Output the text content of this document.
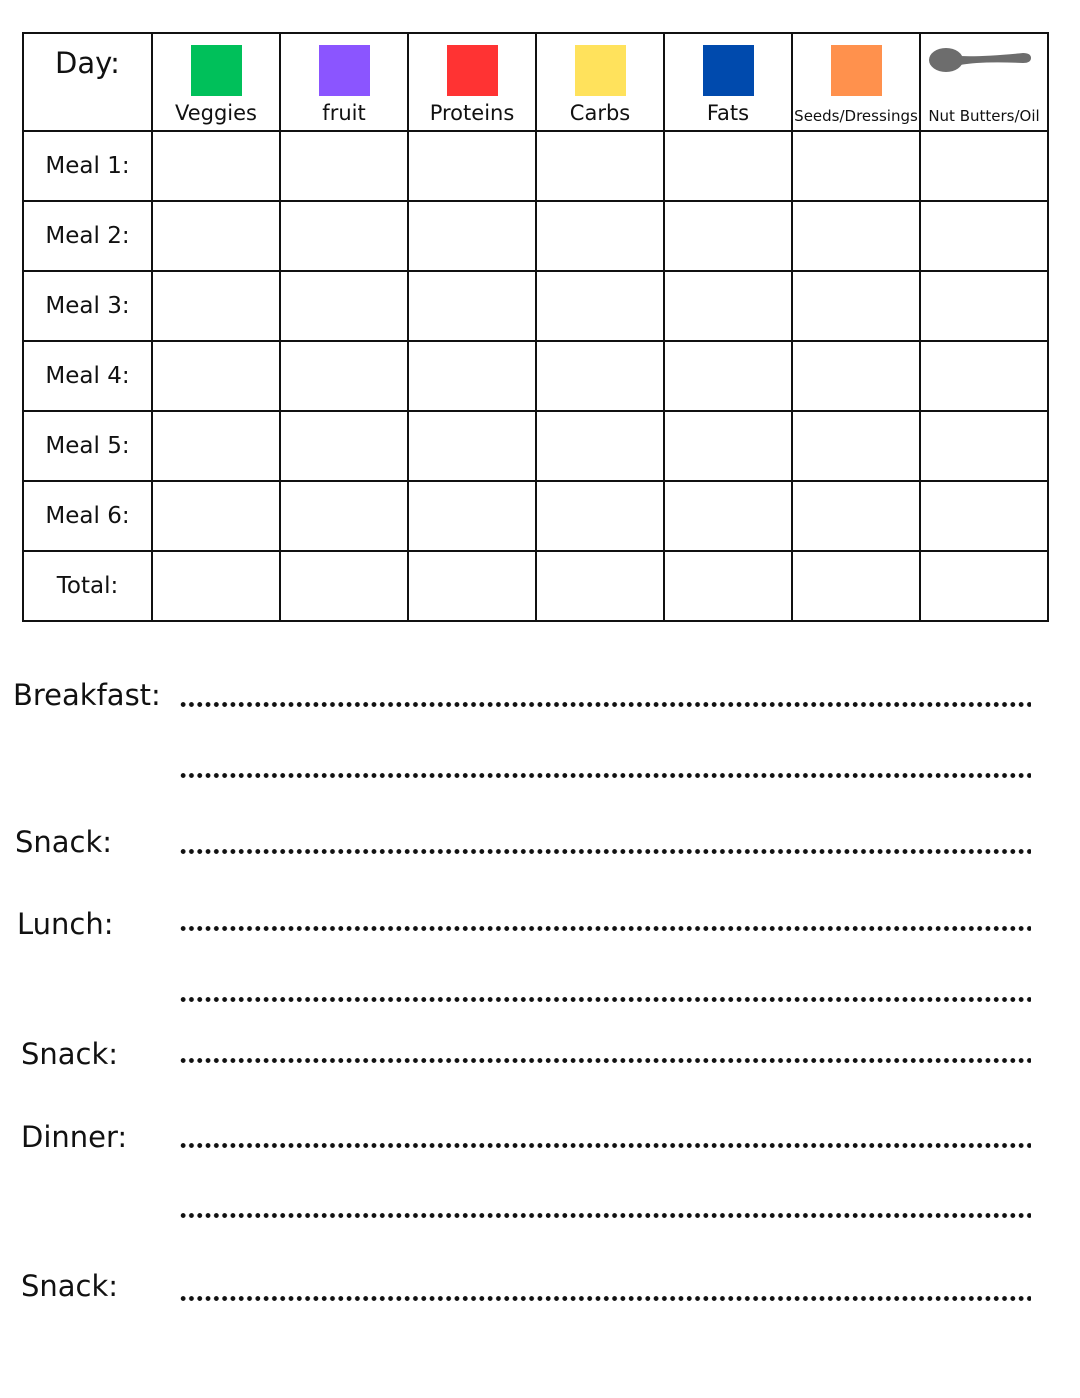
Day:	Veggies	fruit	Proteins	Carbs	Fats	Seeds/Dressings	Nut Butters/Oil

Meal 1:							
Meal 2:							
Meal 3:							
Meal 4:							
Meal 5:							
Meal 6:							
Total:							
Breakfast:
Snack:
Lunch:
Snack:
Dinner:
Snack:
